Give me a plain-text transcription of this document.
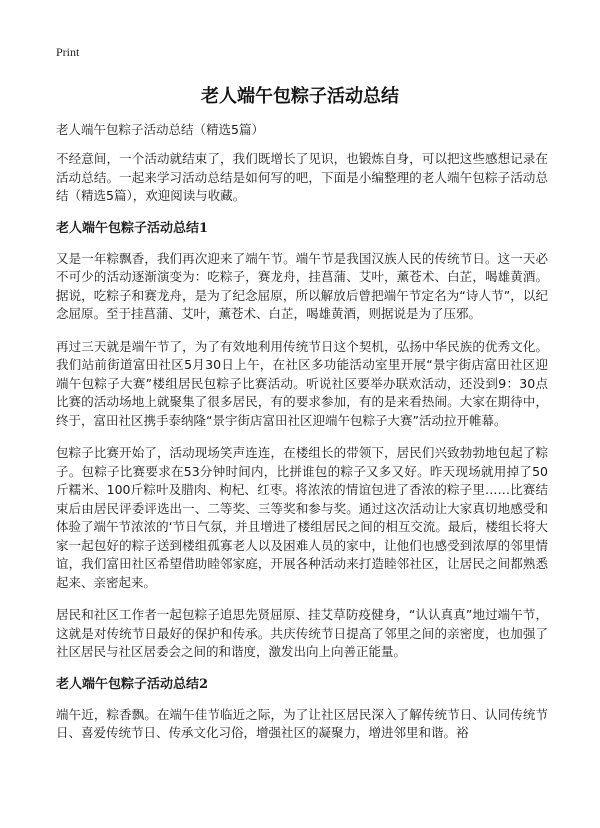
Print
老人端午包粽子活动总结
老人端午包粽子活动总结（精选5篇）

不经意间，一个活动就结束了，我们既增长了见识，也锻炼自身，可以把这些感想记录在活动总结。一起来学习活动总结是如何写的吧，下面是小编整理的老人端午包粽子活动总结（精选5篇），欢迎阅读与收藏。

老人端午包粽子活动总结1

又是一年粽飘香，我们再次迎来了端午节。端午节是我国汉族人民的传统节日。这一天必不可少的活动逐渐演变为：吃粽子，赛龙舟，挂菖蒲、艾叶，薰苍术、白芷，喝雄黄酒。据说，吃粽子和赛龙舟，是为了纪念屈原，所以解放后曾把端午节定名为“诗人节”，以纪念屈原。至于挂菖蒲、艾叶，薰苍术、白芷，喝雄黄酒，则据说是为了压邪。

再过三天就是端午节了，为了有效地利用传统节日这个契机，弘扬中华民族的优秀文化。我们站前街道富田社区5月30日上午，在社区多功能活动室里开展“景宇街店富田社区迎端午包粽子大赛”楼组居民包粽子比赛活动。听说社区要举办联欢活动，还没到9：30点比赛的活动场地上就聚集了很多居民，有的要求参加，有的是来看热闹。大家在期待中，终于，富田社区携手泰纳隆“景宇街店富田社区迎端午包粽子大赛”活动拉开帷幕。

包粽子比赛开始了，活动现场笑声连连，在楼组长的带领下，居民们兴致勃勃地包起了粽子。包粽子比赛要求在53分钟时间内，比拼谁包的粽子又多又好。昨天现场就用掉了50斤糯米、100斤粽叶及腊肉、枸杞、红枣。将浓浓的情谊包进了香浓的粽子里……比赛结束后由居民评委评选出一、二等奖、三等奖和参与奖。通过这次活动让大家真切地感受和体验了端午节浓浓的‘节日气氛，并且增进了楼组居民之间的相互交流。最后，楼组长将大家一起包好的粽子送到楼组孤寡老人以及困难人员的家中，让他们也感受到浓厚的邻里情谊，我们富田社区希望借助睦邻家庭，开展各种活动来打造睦邻社区，让居民之间都熟悉起来、亲密起来。

居民和社区工作者一起包粽子追思先贤屈原、挂艾草防疫健身，“认认真真”地过端午节，这就是对传统节日最好的保护和传承。共庆传统节日提高了邻里之间的亲密度，也加强了社区居民与社区居委会之间的和谐度，激发出向上向善正能量。

老人端午包粽子活动总结2

端午近，粽香飘。在端午佳节临近之际，为了让社区居民深入了解传统节日、认同传统节日、喜爱传统节日、传承文化习俗，增强社区的凝聚力，增进邻里和谐。裕
